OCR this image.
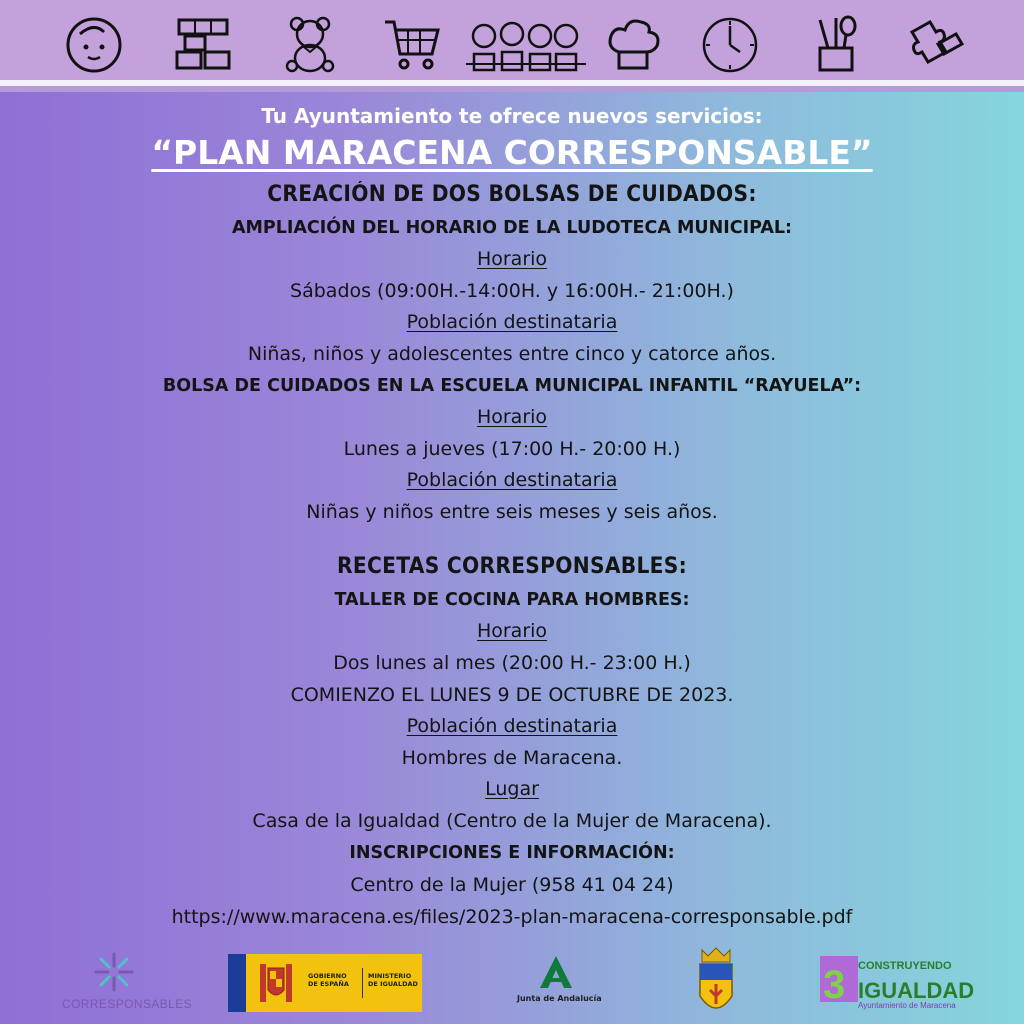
Tu Ayuntamiento te ofrece nuevos servicios:
“PLAN MARACENA CORRESPONSABLE”
CREACIÓN DE DOS BOLSAS DE CUIDADOS:
AMPLIACIÓN DEL HORARIO DE LA LUDOTECA MUNICIPAL:
Horario
Sábados (09:00H.-14:00H. y 16:00H.- 21:00H.)
Población destinataria
Niñas, niños y adolescentes entre cinco y catorce años.
BOLSA DE CUIDADOS EN LA ESCUELA MUNICIPAL INFANTIL “RAYUELA”:
Horario
Lunes a jueves (17:00 H.- 20:00 H.)
Población destinataria
Niñas y niños entre seis meses y seis años.
RECETAS CORRESPONSABLES:
TALLER DE COCINA PARA HOMBRES:
Horario
Dos lunes al mes (20:00 H.- 23:00 H.)
COMIENZO EL LUNES 9 DE OCTUBRE DE 2023.
Población destinataria
Hombres de Maracena.
Lugar
Casa de la Igualdad (Centro de la Mujer de Maracena).
INSCRIPCIONES E INFORMACIÓN:
Centro de la Mujer (958 41 04 24)
https://www.maracena.es/files/2023-plan-maracena-corresponsable.pdf
CORRESPONSABLES
GOBIERNO DE ESPAÑA
MINISTERIO DE IGUALDAD
Junta de Andalucía	3 CONSTRUYENDO
IGUALDAD
Ayuntamiento de Maracena
